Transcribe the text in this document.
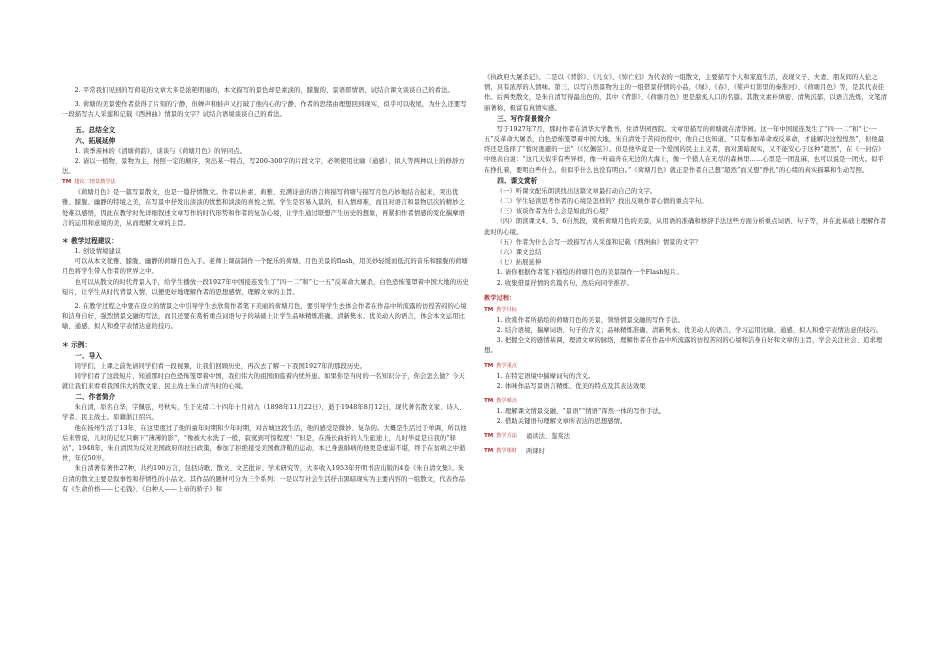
2. 平常我们见到的写荷花的文章大多是浓艳明丽的，本文描写的景色却是素淡的，朦胧的、景语即情语，试结合课文谈谈自己的看法。

3. 荷塘的美景使作者获得了片刻的宁静，但蝉声和蛙声又打破了他内心的宁静，作者的思绪由理想回到现实，似乎可以收尾，为什么还要写一段描写古人采莲和记载《西洲曲》情景的文字？试结合语境谈谈自己的看法。

五、总结全文

六、拓展延伸

1. 读季羡林的《清塘荷韵》，谈谈与《荷塘月色》的异同点。

2. 请以一植物、景物为主，按照一定的顺序，突出某一特点，写200-300字的片段文字，必须使用比喻（通感）、拟人等两种以上的修辞方法。

TM 建议二情景教学法

《荷塘月色》是一篇写景散文，也是一篇抒情散文。作者以朴素、典雅、充满诗意的语言将描写荷塘与描写月色巧妙地结合起来，突出优雅、朦胧、幽静的特境之美，在写景中抒发出淡淡的忧愁和淡淡的喜悦之情。学生是容易入景的，但入情却难，而且对语言和景物层次的精妙之处难以感悟，因此在教学时先详细叙述文章写作的时代形势和作者的复杂心境，让学生通过联想产生历史的想象，再紧扣作者情感的变化揣摩语言的运用和意境的美，从而理解文章的主旨。

＊ 教学过程建议：

1. 创设情境建议

可以从本文优雅、朦胧、幽静的荷塘月色入手。老师上课前制作一个配乐的荷塘、月色美景的flash，用美妙轻缓而低沉的音乐和朦胧的荷塘月色将学生带入作者的世界之中。

也可以从散文的时代背景入手，给学生播放一段1927年中国接连发生了“四一二”和“七一五”反革命大屠杀，白色恐怖笼罩着中国大地的历史短片，让学生从时代背景入情，以便更好地理解作者的思想感情，理解文章的主旨。

2. 在教学过程之中要在设立的情景之中引导学生去欣赏作者笔下美丽的荷塘月色，要引导学生去体会作者在作品中所流露的彷徨苦闷的心境和洁身自好，强烈情景交融的写法，而且还要在赏析重点词语句子的基础上让学生品味精炼准确、清新隽永、优美动人的语言，体会本文运用比喻、通感、拟人和叠字表情达意的技巧。

＊ 示例：

一、导入

同学们，上课之前先请同学们看一段视频，让我们回顾历史，再次去了解一下我国1927年的那段历史。

同学们看了这段短片，知道那时白色恐怖笼罩着中国，我们伟大的祖国面临着内忧外患。如果你是当时的一名知识分子，你会怎么做？今天就让我们来看看我国伟大的散文家、民主战士朱自清当时的心境。

二、作者简介

朱自清，原名自华，字佩弦，号秋实，生于光绪二十四年十月初九（1898年11月22日），逝于1948年8月12日，现代著名散文家、诗人、学者、民主战士。原籍浙江绍兴。

他在扬州生活了13年，在这里度过了他的童年时期和少年时期，对古城这段生活，他的感受是微妙、复杂的。大概是生活过于单调，所以他后来曾说，儿时的记忆只剩下“薄薄的影”，“像被大水洗了一般，寂寞到可惊程度！”但是，在漫长曲折的人生旅途上，儿时毕竟是自我的“驿站”。1948年，朱自清因为反对美国政府的扶日政策，参加了拒绝接受美国救济粮的运动，本已身患肺病的他更是虚弱不堪，终于在贫病之中逝世，年仅50岁。

朱自清著有著作27种，共约190万言，包括诗歌、散文、文艺批评、学术研究等，大多收入1953年开明书店出版的4卷《朱自清文集》。朱自清的散文主要是叙事性和抒情性的小品文。其作品的题材可分为三个系列：一是以写社会生活抒击黑暗现实为主要内容的一组散文，代表作品有《生命价格——七毛钱》、《白种人——上帝的骄子》和

《执政府大屠杀记》。二是以《背影》、《儿女》、《悼亡妇》为代表的一组散文，主要描写个人和家庭生活，表现父子、夫妻、朋友间的人伦之情，具有浓厚的人情味。第三，以写自然景物为主的一组借景抒情的小品，《绿》、《春》、《桨声灯影里的秦淮河》、《荷塘月色》等，是其代表佳作。后两类散文，是朱自清写得最出色的，其中《背影》、《荷塘月色》更是脍炙人口的名篇。其散文素朴缜密、清隽沉郁，以语言洗炼，文笔清丽著称，极富有真情实感。

三、写作背景简介

写于1927年7月，那时作者在清华大学教书，住清华园西院。文章里描写的荷塘就在清华园。这一年中国接连发生了“四·一二”和“七·一五”反革命大屠杀，白色恐怖笼罩着中国大地，朱自清处于苦闷彷徨中，他自己也知道，“只有参加革命或反革命，才能解决这惶惶然”，但他最终还是选择了“暂时逃避的一法”（《忆佩弦》）。但是他毕竟是一个爱国的民主主义者，面对黑暗现实，又不能安心于这种“超然”，在《一封信》中他表白说：“这几天似乎有些异样，像一叶扁舟在无边的大海上，像一个猎人在无尽的森林里……心里是一团乱麻，也可以说是一团火。似乎在挣扎着，要明白些什么，但似乎什么也没有明白。”《荷塘月色》就正是作者自己想“超然”而又想“挣扎”的心绪的真实描摹和生动写照。

四、课文赏析

（一）听课文配乐朗读找出这篇文章最打动自己的文字。

（二）学生轻读思考作者的心境是怎样的？找出反映作者心情的重点字句。

（三）该谈作者为什么会是如此的心境？

（四）朗读课文4、5、6自然段，赏析荷塘月色的美景，从用语的准确和修辞手法这些方面分析重点词语、句子等，并在此基础上理解作者此时的心境。

（五）作者为什么会写一段描写古人采莲和记载《西洲曲》情景的文字？

（六）课文总结

（七）拓展延伸

1. 请你根据作者笔下描绘的荷塘月色的美景制作一个Flash短片。

2. 收集借景抒情的名篇名句，然后向同学推荐。

教学过程：

TM 教学目标

1. 欣赏作者所描绘的荷塘月色的美景，领悟情景交融的写作手法。

2. 结合语境，揣摩词语、句子的含义；品味精炼准确、清新隽永、优美动人的语言，学习运用比喻、通感、拟人和叠字表情达意的技巧。

3. 把握全文的感情基调，理清文章的脉络，理解作者在作品中所流露的彷徨苦闷的心境和洁身自好和文章的主旨，学会关注社会、追求理想。

TM 教学重点

1. 在特定语境中揣摩词句的含义。

2. 体味作品写景语言精炼、优美的特点及其表达效果

TM 教学难点

1. 理解课文情景交融、“景语”“情语”浑然一体的写作手法。

2. 借助关键语句理解文章所表达的思想感情。

TM 教学方法 诵读法、鉴赏法
TM 教学课时 两课时
